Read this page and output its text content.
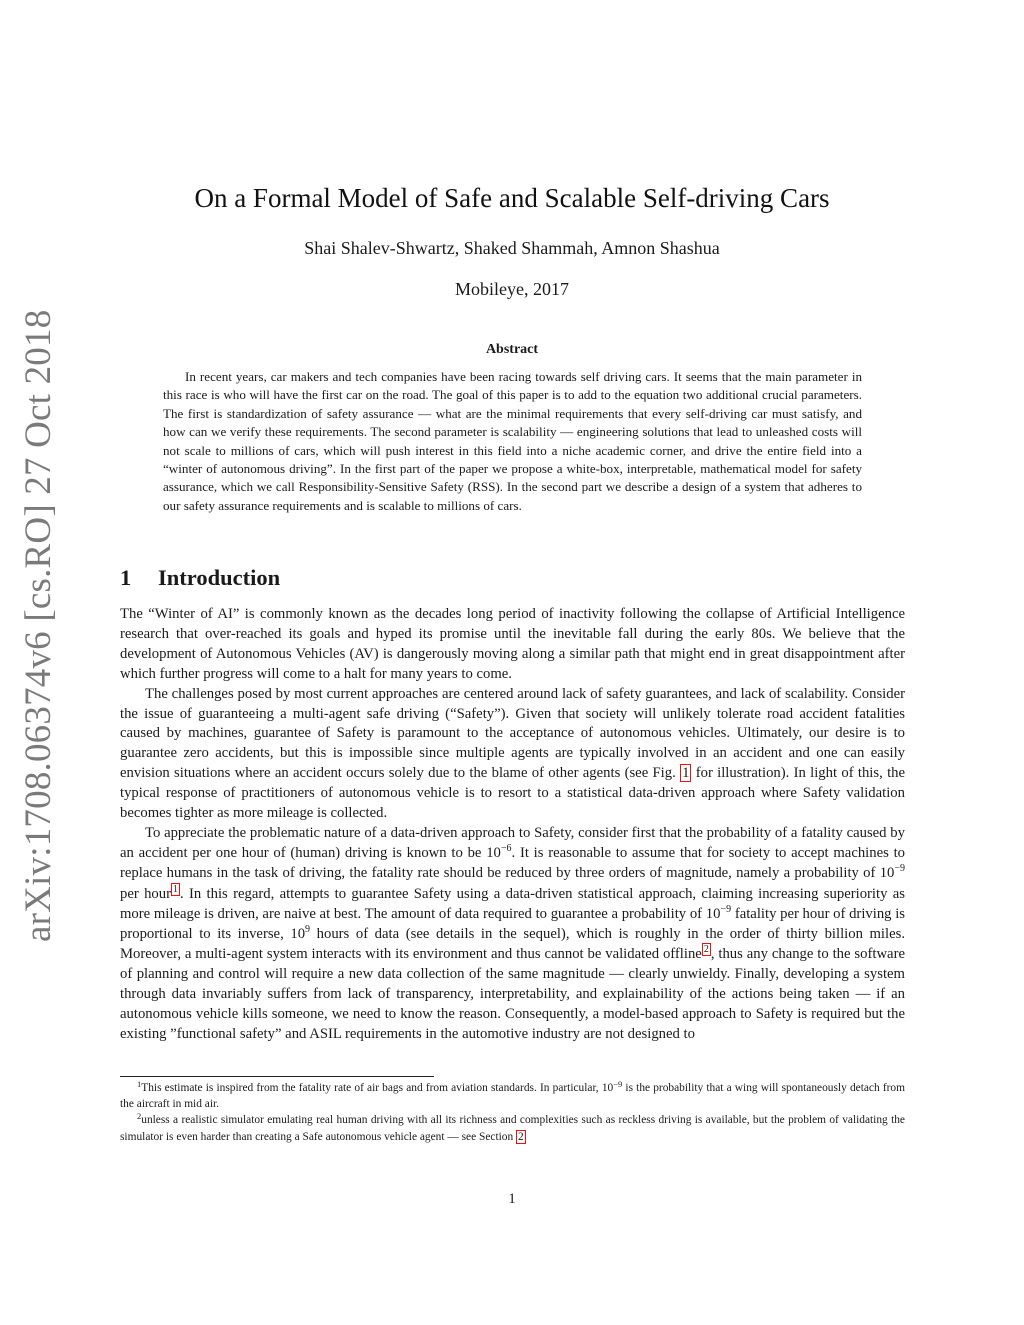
arXiv:1708.06374v6 [cs.RO] 27 Oct 2018
On a Formal Model of Safe and Scalable Self-driving Cars
Shai Shalev-Shwartz, Shaked Shammah, Amnon Shashua
Mobileye, 2017
Abstract

In recent years, car makers and tech companies have been racing towards self driving cars. It seems that the main parameter in this race is who will have the first car on the road. The goal of this paper is to add to the equation two additional crucial parameters. The first is standardization of safety assurance — what are the minimal requirements that every self-driving car must satisfy, and how can we verify these requirements. The second parameter is scalability — engineering solutions that lead to unleashed costs will not scale to millions of cars, which will push interest in this field into a niche academic corner, and drive the entire field into a “winter of autonomous driving”. In the first part of the paper we propose a white-box, interpretable, mathematical model for safety assurance, which we call Responsibility-Sensitive Safety (RSS). In the second part we describe a design of a system that adheres to our safety assurance requirements and is scalable to millions of cars.

1 Introduction

The “Winter of AI” is commonly known as the decades long period of inactivity following the collapse of Artificial Intelligence research that over-reached its goals and hyped its promise until the inevitable fall during the early 80s. We believe that the development of Autonomous Vehicles (AV) is dangerously moving along a similar path that might end in great disappointment after which further progress will come to a halt for many years to come.

The challenges posed by most current approaches are centered around lack of safety guarantees, and lack of scalability. Consider the issue of guaranteeing a multi-agent safe driving (“Safety”). Given that society will unlikely tolerate road accident fatalities caused by machines, guarantee of Safety is paramount to the acceptance of autonomous vehicles. Ultimately, our desire is to guarantee zero accidents, but this is impossible since multiple agents are typically involved in an accident and one can easily envision situations where an accident occurs solely due to the blame of other agents (see Fig. 1 for illustration). In light of this, the typical response of practitioners of autonomous vehicle is to resort to a statistical data-driven approach where Safety validation becomes tighter as more mileage is collected.

To appreciate the problematic nature of a data-driven approach to Safety, consider first that the probability of a fatality caused by an accident per one hour of (human) driving is known to be $10^{-6}$. It is reasonable to assume that for society to accept machines to replace humans in the task of driving, the fatality rate should be reduced by three orders of magnitude, namely a probability of $10^{-9}$ per hour $^1$ . In this regard, attempts to guarantee Safety using a data-driven statistical approach, claiming increasing superiority as more mileage is driven, are naive at best. The amount of data required to guarantee a probability of $10^{-9}$ fatality per hour of driving is proportional to its inverse, $10^9$ hours of data (see details in the sequel), which is roughly in the order of thirty billion miles. Moreover, a multi-agent system interacts with its environment and thus cannot be validated offline $^2$ , thus any change to the software of planning and control will require a new data collection of the same magnitude — clearly unwieldy. Finally, developing a system through data invariably suffers from lack of transparency, interpretability, and explainability of the actions being taken — if an autonomous vehicle kills someone, we need to know the reason. Consequently, a model-based approach to Safety is required but the existing ”functional safety” and ASIL requirements in the automotive industry are not designed to

$^1$This estimate is inspired from the fatality rate of air bags and from aviation standards. In particular, 10$^{-9}$ is the probability that a wing will spontaneously detach from the aircraft in mid air.

$^2$unless a realistic simulator emulating real human driving with all its richness and complexities such as reckless driving is available, but the problem of validating the simulator is even harder than creating a Safe autonomous vehicle agent — see Section 2

1
